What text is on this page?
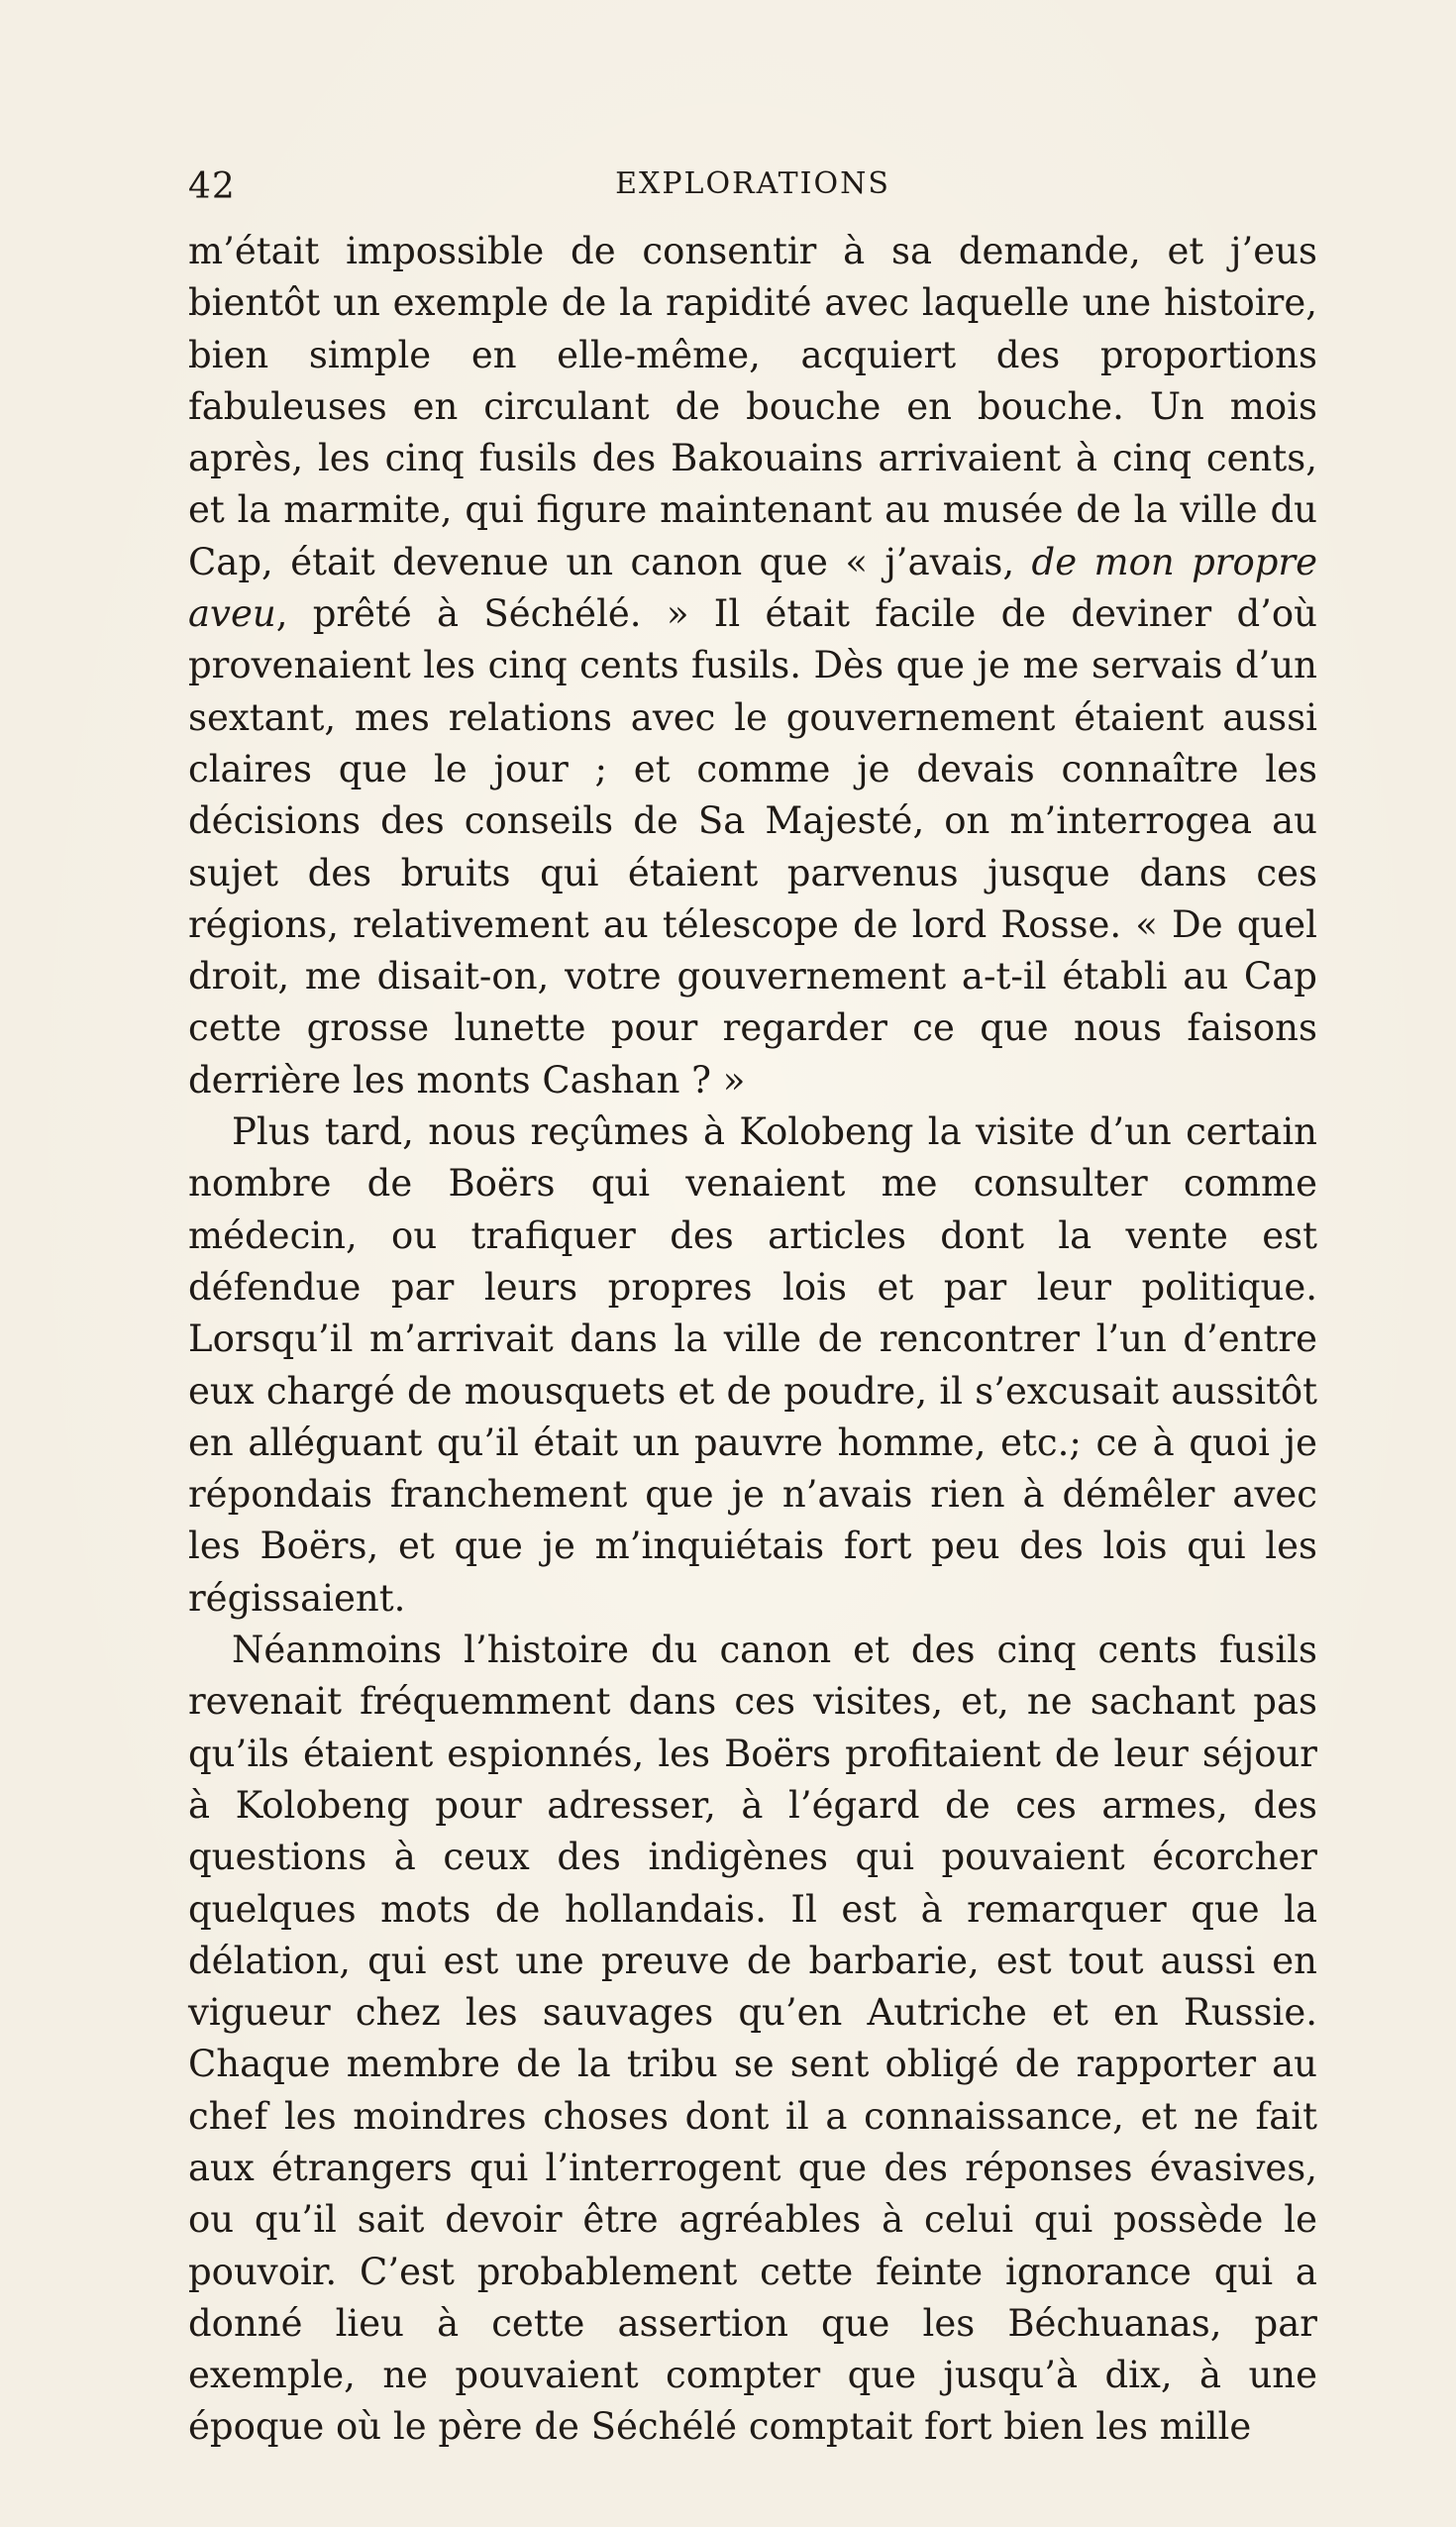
42	EXPLORATIONS

m’était impossible de consentir à sa demande, et j’eus bientôt un exemple de la rapidité avec laquelle une histoire, bien simple en elle-même, acquiert des proportions fabuleuses en circulant de bouche en bouche. Un mois après, les cinq fusils des Bakouains arrivaient à cinq cents, et la marmite, qui figure maintenant au musée de la ville du Cap, était devenue un canon que « j’avais, de mon propre aveu, prêté à Séchélé. » Il était facile de deviner d’où provenaient les cinq cents fusils. Dès que je me servais d’un sextant, mes relations avec le gouvernement étaient aussi claires que le jour ; et comme je devais connaître les décisions des conseils de Sa Majesté, on m’interrogea au sujet des bruits qui étaient parvenus jusque dans ces régions, relativement au télescope de lord Rosse. « De quel droit, me disait-on, votre gouvernement a-t-il établi au Cap cette grosse lunette pour regarder ce que nous faisons derrière les monts Cashan ? »

Plus tard, nous reçûmes à Kolobeng la visite d’un certain nombre de Boërs qui venaient me consulter comme médecin, ou trafiquer des articles dont la vente est défendue par leurs propres lois et par leur politique. Lorsqu’il m’arrivait dans la ville de rencontrer l’un d’entre eux chargé de mousquets et de poudre, il s’excusait aussitôt en alléguant qu’il était un pauvre homme, etc.; ce à quoi je répondais franchement que je n’avais rien à démêler avec les Boërs, et que je m’inquiétais fort peu des lois qui les régissaient.

Néanmoins l’histoire du canon et des cinq cents fusils revenait fréquemment dans ces visites, et, ne sachant pas qu’ils étaient espionnés, les Boërs profitaient de leur séjour à Kolobeng pour adresser, à l’égard de ces armes, des questions à ceux des indigènes qui pouvaient écorcher quelques mots de hollandais. Il est à remarquer que la délation, qui est une preuve de barbarie, est tout aussi en vigueur chez les sauvages qu’en Autriche et en Russie. Chaque membre de la tribu se sent obligé de rapporter au chef les moindres choses dont il a connaissance, et ne fait aux étrangers qui l’interrogent que des réponses évasives, ou qu’il sait devoir être agréables à celui qui possède le pouvoir. C’est probablement cette feinte ignorance qui a donné lieu à cette assertion que les Béchuanas, par exemple, ne pouvaient compter que jusqu’à dix, à une époque où le père de Séchélé comptait fort bien les mille
